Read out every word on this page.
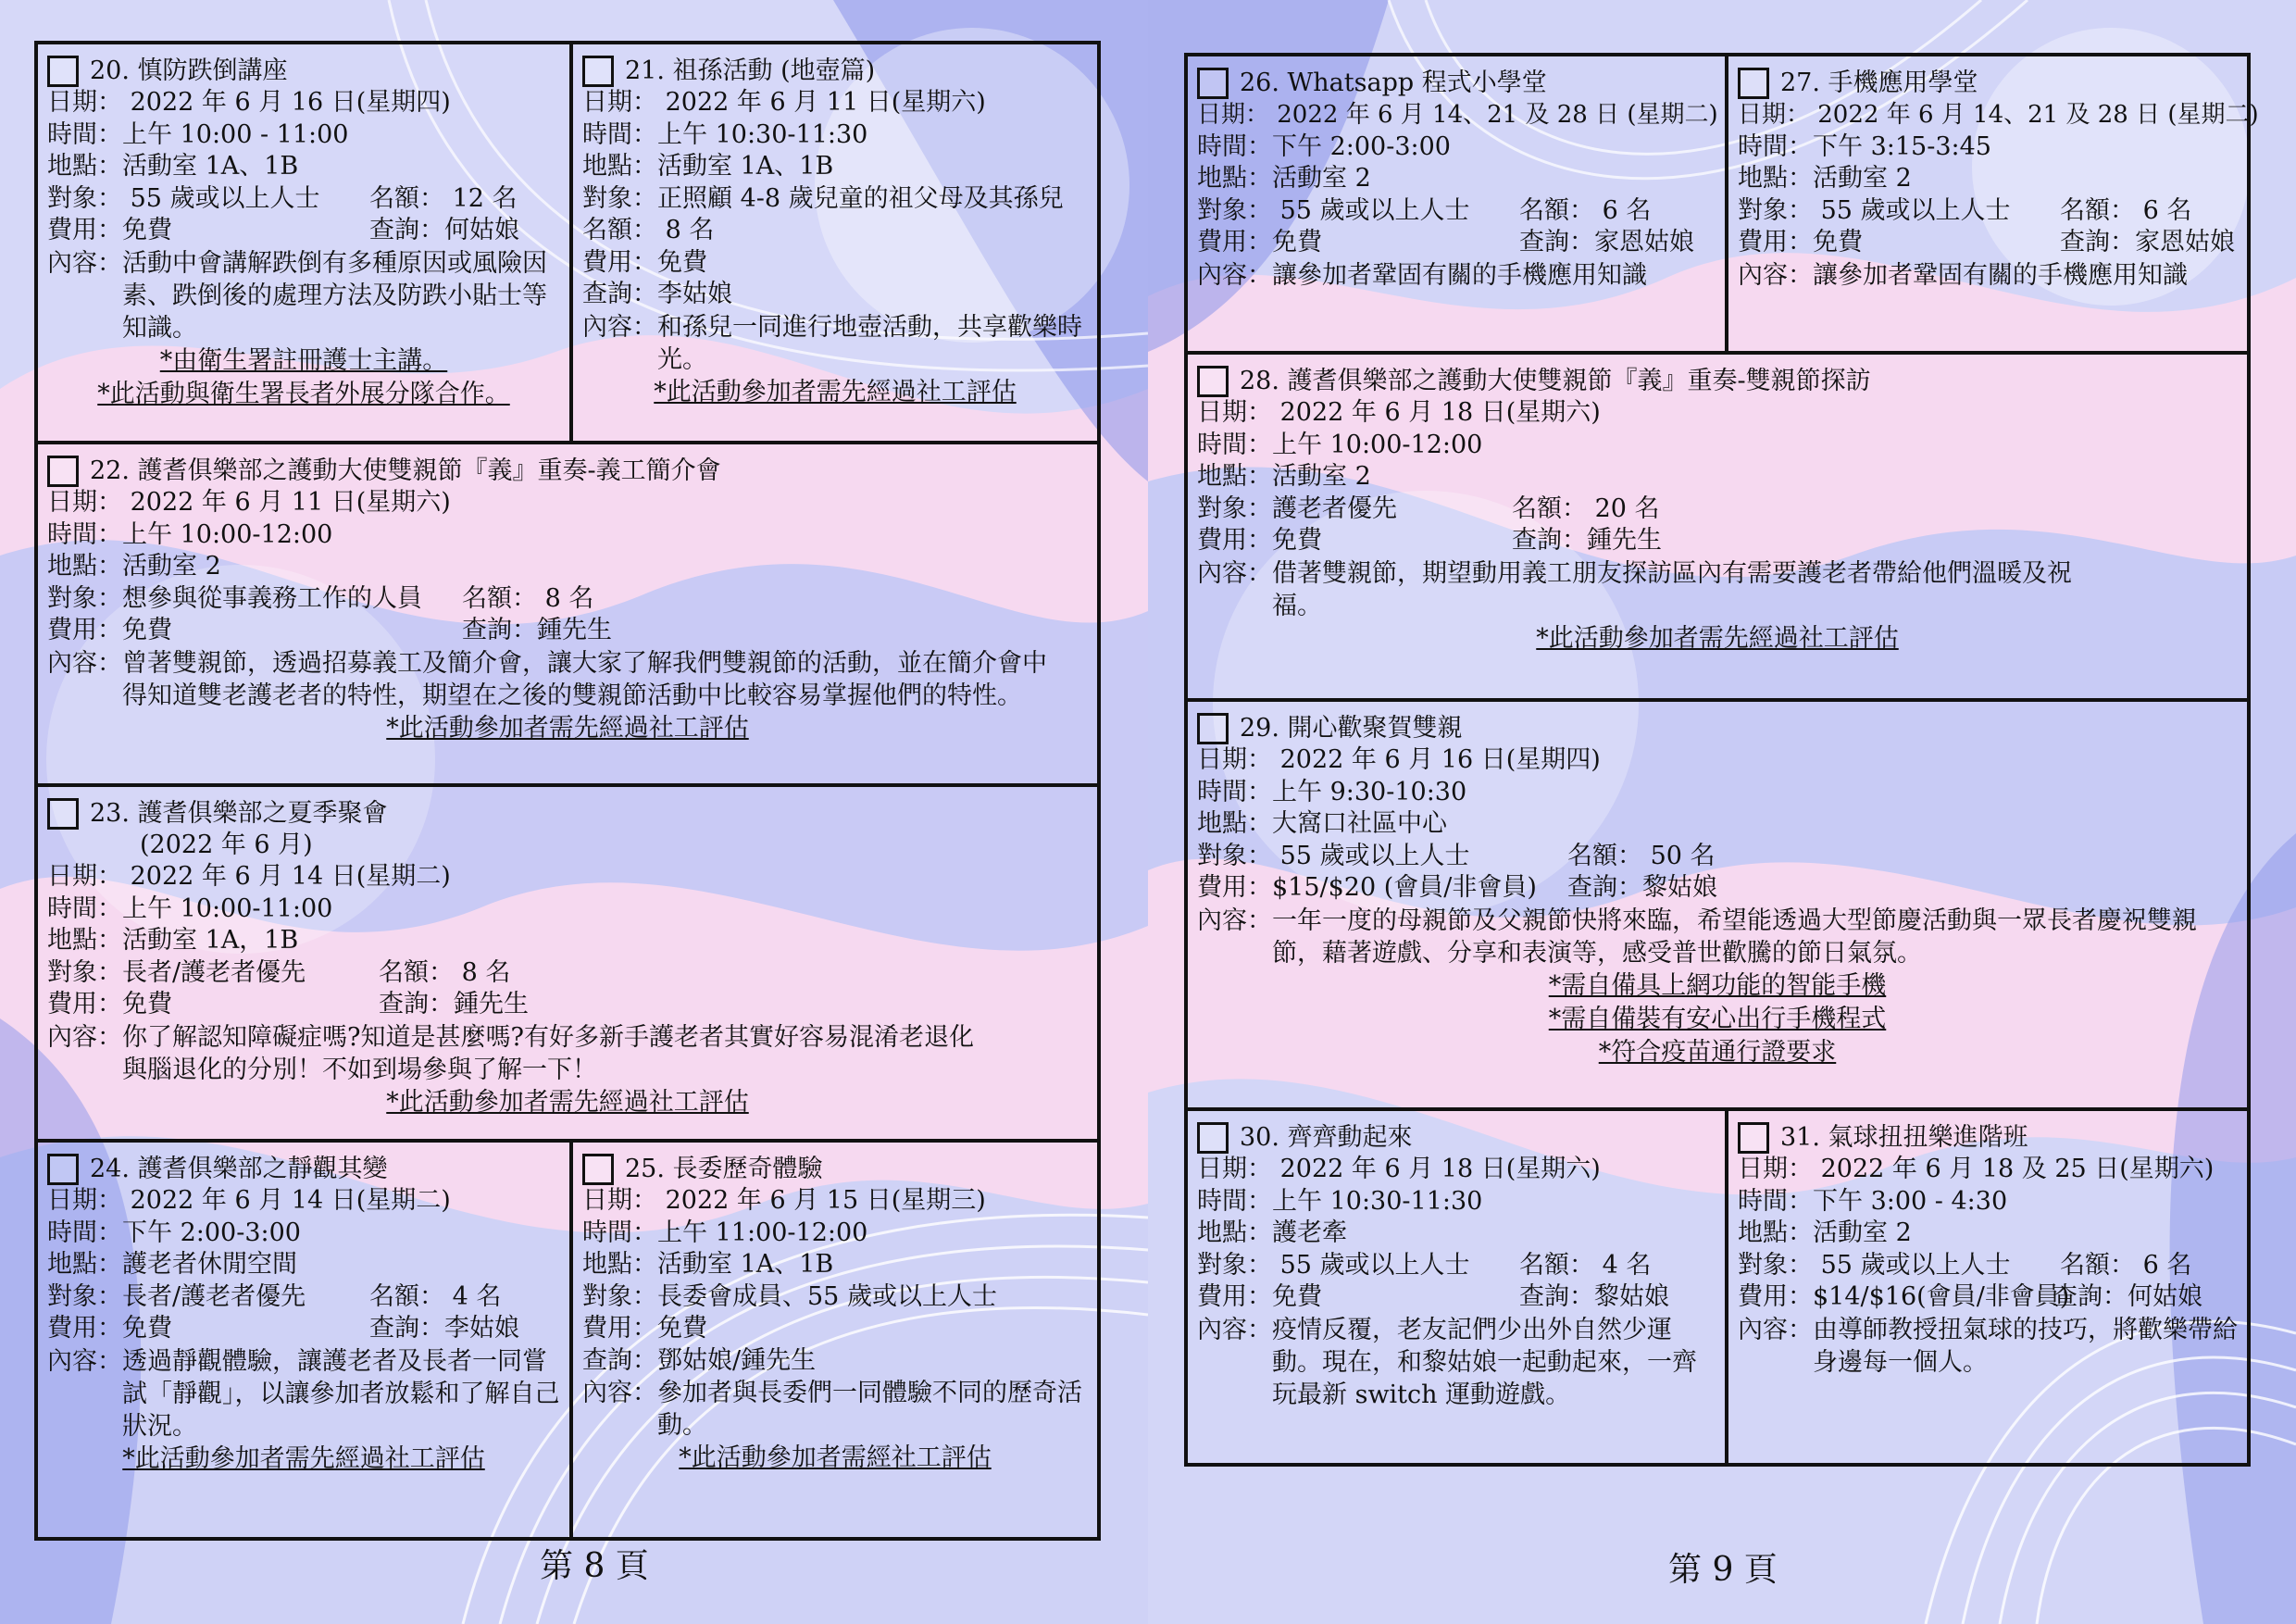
20. 慎防跌倒講座
日期： 2022 年 6 月 16 日(星期四)
時間：上午 10:00 - 11:00
地點：活動室 1A、1B
對象： 55 歲或以上人士 名額： 12 名
費用：免費	查詢：何姑娘
內容： 活動中會講解跌倒有多種原因或風險因素、跌倒後的處理方法及防跌小貼士等知識。
*由衛生署註冊護士主講。
*此活動與衛生署長者外展分隊合作。
21. 祖孫活動 (地壺篇)
日期： 2022 年 6 月 11 日(星期六)
時間：上午 10:30-11:30
地點：活動室 1A、1B
對象：正照顧 4-8 歲兒童的祖父母及其孫兒
名額： 8 名
費用：免費
查詢：李姑娘
內容： 和孫兒一同進行地壺活動，共享歡樂時光。
*此活動參加者需先經過社工評估
22. 護耆俱樂部之護動大使雙親節『義』重奏-義工簡介會
日期： 2022 年 6 月 11 日(星期六)
時間：上午 10:00-12:00
地點：活動室 2
對象：想參與從事義務工作的人員 名額： 8 名
費用：免費	查詢：鍾先生
內容： 曾著雙親節，透過招募義工及簡介會，讓大家了解我們雙親節的活動，並在簡介會中得知道雙老護老者的特性，期望在之後的雙親節活動中比較容易掌握他們的特性。
*此活動參加者需先經過社工評估
23. 護耆俱樂部之夏季聚會
(2022 年 6 月)
日期： 2022 年 6 月 14 日(星期二)
時間：上午 10:00-11:00
地點：活動室 1A，1B
對象：長者/護老者優先	名額： 8 名
費用：免費	查詢：鍾先生
內容： 你了解認知障礙症嗎?知道是甚麼嗎?有好多新手護老者其實好容易混淆老退化與腦退化的分別！不如到場參與了解一下！
*此活動參加者需先經過社工評估
24. 護耆俱樂部之靜觀其變
日期： 2022 年 6 月 14 日(星期二)
時間：下午 2:00-3:00
地點：護老者休閒空間
對象：長者/護老者優先	名額： 4 名
費用：免費	查詢：李姑娘
內容： 透過靜觀體驗，讓護老者及長者一同嘗試「靜觀」，以讓參加者放鬆和了解自己狀況。
*此活動參加者需先經過社工評估
25. 長委歷奇體驗
日期： 2022 年 6 月 15 日(星期三)
時間：上午 11:00-12:00
地點：活動室 1A、1B
對象：長委會成員、55 歲或以上人士
費用：免費
查詢：鄧姑娘/鍾先生
內容： 參加者與長委們一同體驗不同的歷奇活動。
*此活動參加者需經社工評估
第 8 頁
26. Whatsapp 程式小學堂
日期： 2022 年 6 月 14、21 及 28 日 (星期二)
時間：下午 2:00-3:00
地點：活動室 2
對象： 55 歲或以上人士 名額： 6 名
費用：免費	查詢：家恩姑娘
內容： 讓參加者鞏固有關的手機應用知識
27. 手機應用學堂
日期： 2022 年 6 月 14、21 及 28 日 (星期二)
時間：下午 3:15-3:45
地點：活動室 2
對象： 55 歲或以上人士 名額： 6 名
費用：免費	查詢：家恩姑娘
內容： 讓參加者鞏固有關的手機應用知識
28. 護耆俱樂部之護動大使雙親節『義』重奏-雙親節探訪
日期： 2022 年 6 月 18 日(星期六)
時間：上午 10:00-12:00
地點：活動室 2
對象：護老者優先	名額： 20 名
費用：免費	查詢：鍾先生
內容： 借著雙親節，期望動用義工朋友探訪區內有需要護老者帶給他們溫暖及祝福。
*此活動參加者需先經過社工評估
29. 開心歡聚賀雙親
日期： 2022 年 6 月 16 日(星期四)
時間：上午 9:30-10:30
地點：大窩口社區中心
對象： 55 歲或以上人士	名額： 50 名
費用：$15/$20 (會員/非會員) 查詢：黎姑娘
內容： 一年一度的母親節及父親節快將來臨，希望能透過大型節慶活動與一眾長者慶祝雙親節，藉著遊戲、分享和表演等，感受普世歡騰的節日氣氛。
*需自備具上網功能的智能手機
*需自備裝有安心出行手機程式
*符合疫苗通行證要求
30. 齊齊動起來
日期： 2022 年 6 月 18 日(星期六)
時間：上午 10:30-11:30
地點：護老牽
對象： 55 歲或以上人士 名額： 4 名
費用：免費	查詢：黎姑娘
內容： 疫情反覆，老友記們少出外自然少運動。現在，和黎姑娘一起動起來，一齊玩最新 switch 運動遊戲。
31. 氣球扭扭樂進階班
日期： 2022 年 6 月 18 及 25 日(星期六)
時間：下午 3:00 - 4:30
地點：活動室 2
對象： 55 歲或以上人士 名額： 6 名
費用：$14/$16(會員/非會員)查詢：何姑娘
內容： 由導師教授扭氣球的技巧，將歡樂帶給身邊每一個人。
第 9 頁
